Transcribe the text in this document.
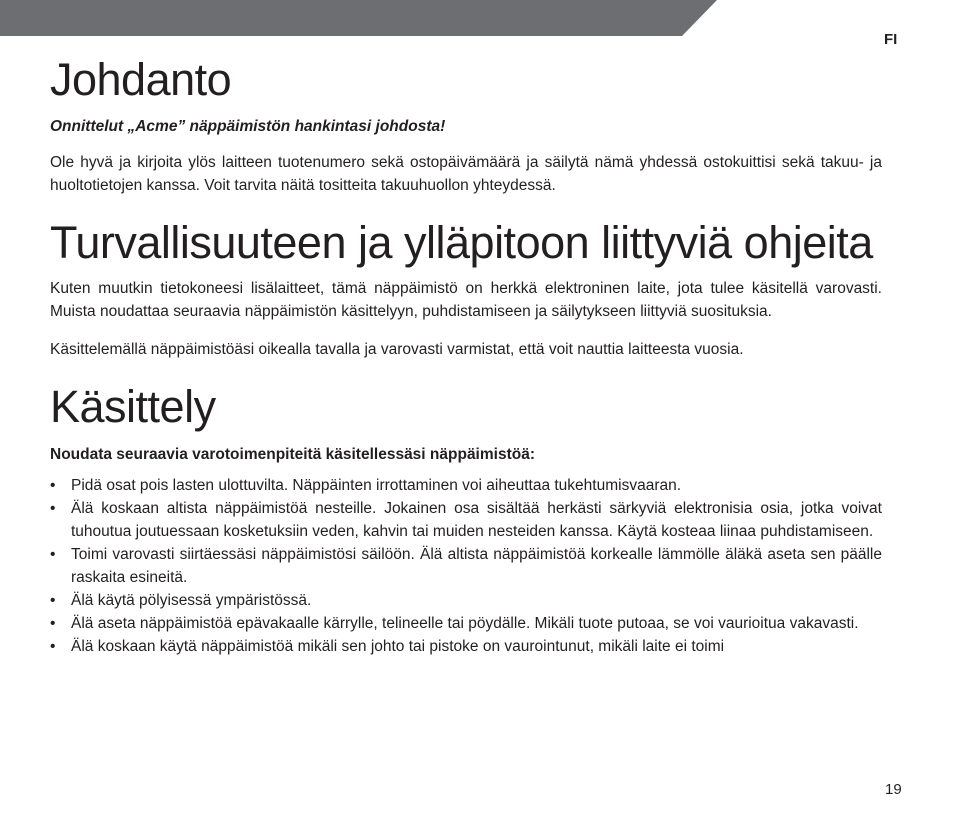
FI
Johdanto

Onnittelut „Acme” näppäimistön hankintasi johdosta!

Ole hyvä ja kirjoita ylös laitteen tuotenumero sekä ostopäivämäärä ja säilytä nämä yhdessä ostokuittisi sekä takuu- ja huoltotietojen kanssa. Voit tarvita näitä tositteita takuuhuollon yhteydessä.

Turvallisuuteen ja ylläpitoon liittyviä ohjeita

Kuten muutkin tietokoneesi lisälaitteet, tämä näppäimistö on herkkä elektroninen laite, jota tulee käsitellä varovasti. Muista noudattaa seuraavia näppäimistön käsittelyyn, puhdistamiseen ja säilytykseen liittyviä suosituksia.

Käsittelemällä näppäimistöäsi oikealla tavalla ja varovasti varmistat, että voit nauttia laitteesta vuosia.

Käsittely

Noudata seuraavia varotoimenpiteitä käsitellessäsi näppäimistöä:

• Pidä osat pois lasten ulottuvilta. Näppäinten irrottaminen voi aiheuttaa tukehtumisvaaran.
• Älä koskaan altista näppäimistöä nesteille. Jokainen osa sisältää herkästi särkyviä elektronisia osia, jotka voivat tuhoutua joutuessaan kosketuksiin veden, kahvin tai muiden nesteiden kanssa. Käytä kosteaa liinaa puhdistamiseen.
• Toimi varovasti siirtäessäsi näppäimistösi säilöön. Älä altista näppäimistöä korkealle lämmölle äläkä aseta sen päälle raskaita esineitä.
• Älä käytä pölyisessä ympäristössä.
• Älä aseta näppäimistöä epävakaalle kärrylle, telineelle tai pöydälle. Mikäli tuote putoaa, se voi vaurioitua vakavasti.
• Älä koskaan käytä näppäimistöä mikäli sen johto tai pistoke on vaurointunut, mikäli laite ei toimi
19
